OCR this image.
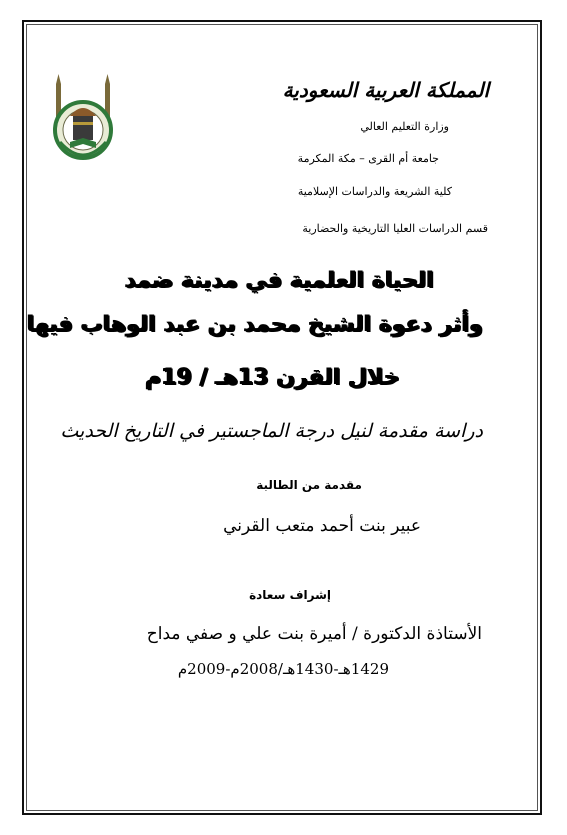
المملكة العربية السعودية
وزارة التعليم العالي
جامعة أم القرى – مكة المكرمة
كلية الشريعة والدراسات الإسلامية
قسم الدراسات العليا التاريخية والحضارية
الحياة العلمية في مدينة ضمد
وأثر دعوة الشيخ محمد بن عبد الوهاب فيها
خلال القرن 13هـ / 19م
دراسة مقدمة لنيل درجة الماجستير في التاريخ الحديث
مقدمة من الطالبة
عبير بنت أحمد متعب القرني
إشراف سعادة
الأستاذة الدكتورة / أميرة بنت علي و صفي مداح
1429هـ-1430هـ/2008م-2009م
